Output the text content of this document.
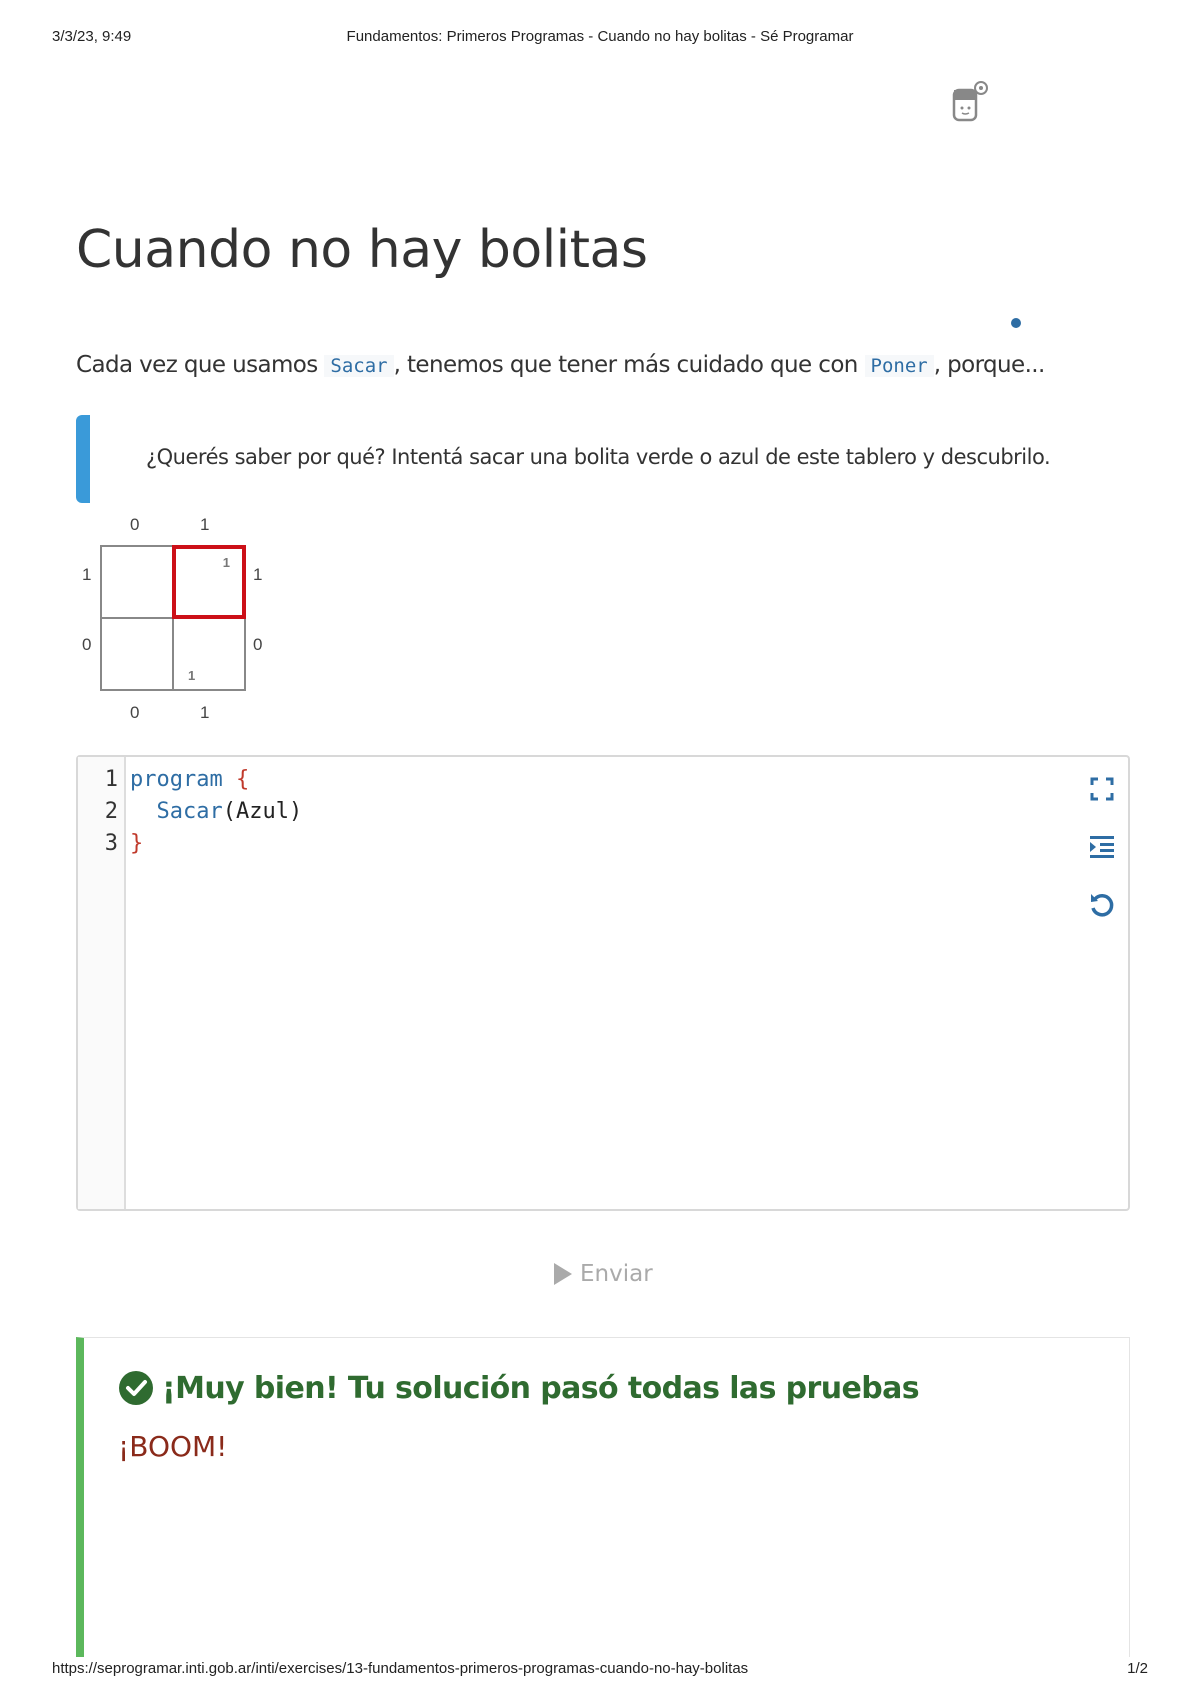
3/3/23, 9:49	Fundamentos: Primeros Programas - Cuando no hay bolitas - Sé Programar
Cuando no hay bolitas
Cada vez que usamos Sacar , tenemos que tener más cuidado que con Poner , porque...
¿Querés saber por qué? Intentá sacar una bolita verde o azul de este tablero y descubrilo.
0	1
0	1
1
0
1
0
1
1
1
2
3
program {
Sacar(Azul)
}
Enviar
¡Muy bien! Tu solución pasó todas las pruebas
¡BOOM!
https://seprogramar.inti.gob.ar/inti/exercises/13-fundamentos-primeros-programas-cuando-no-hay-bolitas	1/2
